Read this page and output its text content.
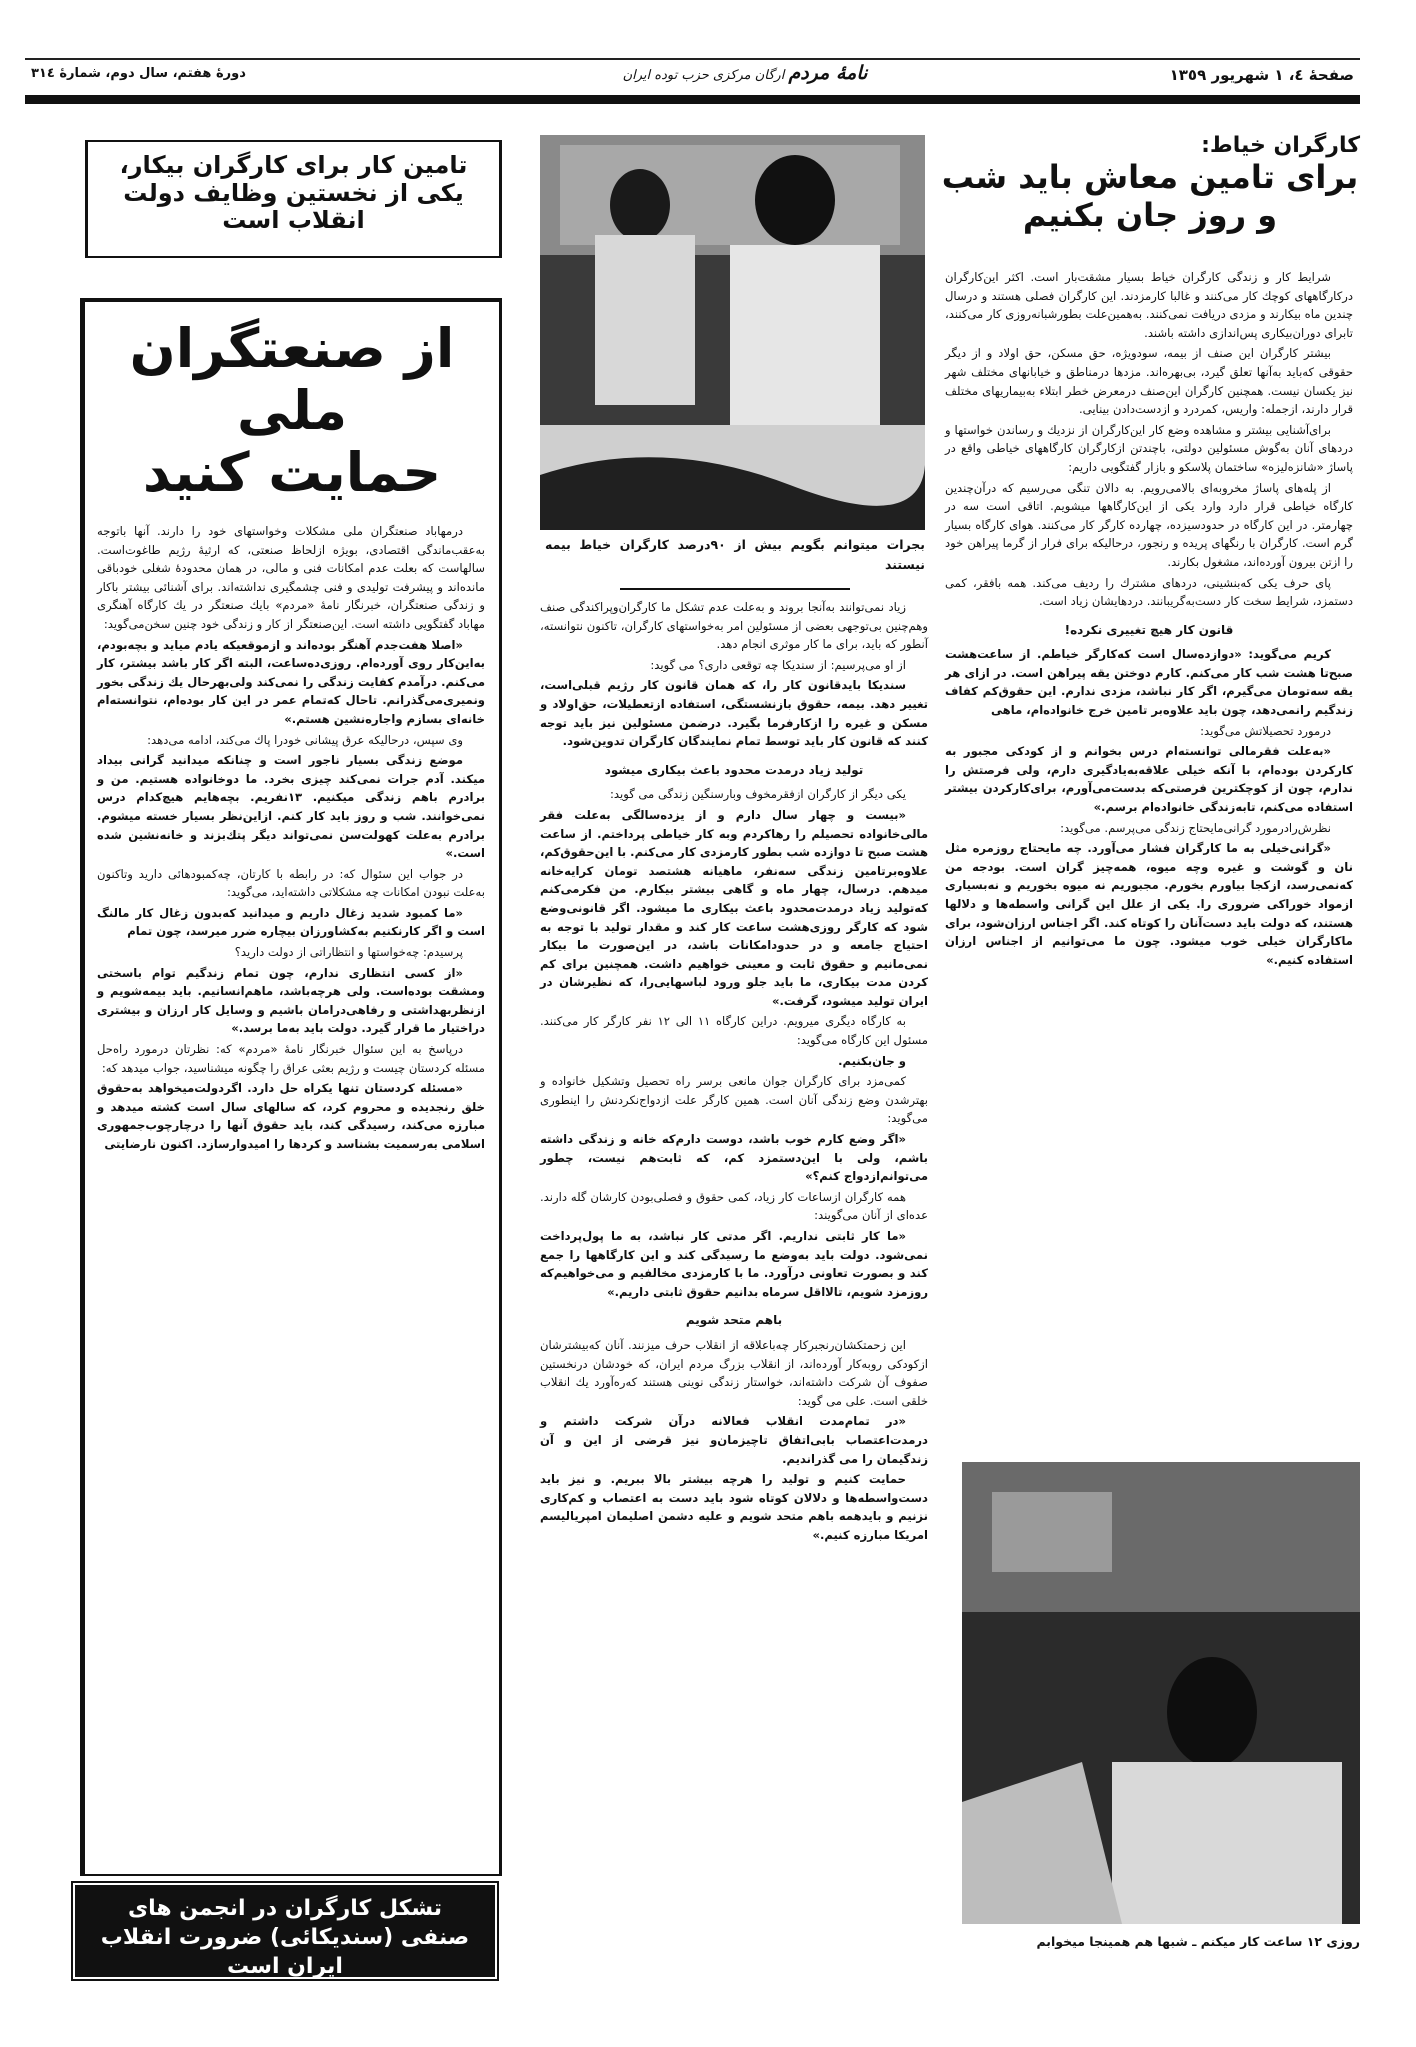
صفحهٔ ٤، ١ شهریور ١٣٥٩
نامهٔ مردم ارگان مرکزی حزب توده ایران
دورهٔ هفتم، سال دوم، شمارهٔ ٣١٤
تامین کار برای کارگران بیکار،
یکی از نخستین وظایف دولت
انقلاب است
از صنعتگران ملی
حمایت کنید

درمهاباد صنعتگران ملی مشکلات وخواستهای خود را دارند. آنها باتوجه به‌عقب‌ماندگی اقتصادی، بویژه ازلحاظ صنعتی، که ارثیهٔ رژیم طاغوت‌است. سالهاست که بعلت عدم امکانات فنی و مالی، در همان محدودهٔ شغلی خودباقی مانده‌اند و پیشرفت تولیدی و فنی چشمگیری نداشته‌اند. برای آشنائی بیشتر باکار و زندگی صنعتگران، خبرنگار نامهٔ «مردم» بایك صنعتگر در یك کارگاه آهنگری مهاباد گفتگویی داشته است. این‌صنعتگر از کار و زندگی خود چنین سخن‌می‌گوید:

«اصلا هفت‌جدم آهنگر بوده‌اند و ازموقعیکه یادم میاید و بچه‌بودم، به‌این‌کار روی آورده‌ام. روزی‌ده‌ساعت، البته اگر کار باشد بیشتر، کار می‌کنم. درآمدم کفایت زندگی را نمی‌کند ولی‌بهرحال یك زندگی بخور ونمیری‌می‌گذرانم. تاحال که‌تمام عمر در این کار بوده‌ام، نتوانسته‌ام خانه‌ای بسازم واجاره‌نشین هستم.»

وی سپس، درحالیکه عرق پیشانی خودرا پاك می‌کند، ادامه می‌دهد:

موضع زندگی بسیار ناجور است و چنانکه میدانید گرانی بیداد میکند. آدم جرات نمی‌کند چیزی بخرد. ما دوخانواده هستیم. من و برادرم باهم زندگی میکنیم. ١٣نفریم. بچه‌هایم هیچ‌کدام درس نمی‌خوانند. شب و روز باید کار کنم. ازاین‌نظر بسیار خسته میشوم. برادرم به‌علت کهولت‌سن نمی‌تواند دیگر پتك‌بزند و خانه‌نشین شده است.»

در جواب این سئوال که: در رابطه با کارتان، چه‌کمبودهائی دارید وتاکنون به‌علت نبودن امکانات چه مشکلاتی داشته‌اید، می‌گوید:

«ما کمبود شدید زغال داریم و میدانید که‌بدون زغال کار مالنگ است و اگر کارنکنیم به‌کشاورزان بیچاره ضرر میرسد، چون تمام

پرسیدم: چه‌خواستها و انتظاراتی از دولت دارید؟

«از کسی انتظاری ندارم، چون تمام زندگیم توام باسختی ومشقت بوده‌است. ولی هرچه‌باشد، ماهم‌انسانیم. باید بیمه‌شویم و ازنظربهداشتی و رفاهی‌درامان باشیم و وسایل کار ارزان و بیشتری دراختیار ما قرار گیرد. دولت باید به‌ما برسد.»

درپاسخ به این سئوال خبرنگار نامهٔ «مردم» که: نظرتان درمورد راه‌حل مسئله کردستان چیست و رژیم بعثی عراق را چگونه میشناسید، جواب میدهد که:

«مسئله کردستان تنها یکراه حل دارد. اگردولت‌میخواهد به‌حقوق خلق رنجدیده و محروم کرد، که سالهای سال است کشته میدهد و مبارزه می‌کند، رسیدگی کند، باید حقوق آنها را درچارچوب‌جمهوری اسلامی به‌رسمیت بشناسد و کردها را امیدوارسازد. اکنون نارضایتی

تشکل کارگران در انجمن های
صنفی (سندیکائی) ضرورت انقلاب
ایران است
بجرات میتوانم بگویم بیش از ٩٠درصد کارگران خیاط بیمه نیستند

زیاد نمی‌توانند به‌آنجا بروند و به‌علت عدم تشکل ما کارگران‌وپراکندگی صنف وهم‌چنین بی‌توجهی بعضی از مسئولین امر به‌خواستهای کارگران، تاکنون نتوانسته، آنطور که باید، برای ما کار موثری انجام دهد.

از او می‌پرسیم: از سندیکا چه توقعی داری؟ می گوید:

سندیکا بایدقانون کار را، که همان قانون کار رژیم قبلی‌است، تغییر دهد. بیمه، حقوق بازنشستگی، استفاده ازتعطیلات، حق‌اولاد و مسکن و غیره را ازکارفرما بگیرد. درضمن مسئولین نیز باید توجه کنند که قانون کار باید توسط تمام نمایندگان کارگران تدوین‌شود.

تولید زیاد درمدت محدود باعث بیکاری میشود

یکی دیگر از کارگران ازفقرمخوف وبارسنگین زندگی می گوید:

«بیست و چهار سال دارم و از یزده‌سالگی به‌علت فقر مالی‌خانواده تحصیلم را رهاکردم وبه کار خیاطی پرداختم. از ساعت هشت صبح تا دوازده شب بطور کارمزدی کار می‌کنم. با این‌حقوق‌کم، علاوه‌بر‌تامین زندگی سه‌نفر، ماهیانه هشتصد تومان کرایه‌خانه میدهم. درسال، چهار ماه و گاهی بیشتر بیکارم. من فکرمی‌کنم که‌تولید زیاد درمدت‌محدود باعث بیکاری ما میشود. اگر قانونی‌وضع شود که کارگر روزی‌هشت ساعت کار کند و مقدار تولید با توجه به احتیاج جامعه و در حدود‌امکانات باشد، در این‌صورت ما بیکار نمی‌مانیم و حقوق ثابت و معینی خواهیم داشت. همچنین برای کم کردن مدت بیکاری، ما باید جلو ورود لباسهایی‌را، که نظیرشان در ایران تولید میشود، گرفت.»

به کارگاه دیگری میرویم. دراین کارگاه ١١ الی ١٢ نفر کارگر کار می‌کنند. مسئول این کارگاه می‌گوید:

و جان‌بکنیم.

کمی‌مزد برای کارگران جوان مانعی برسر راه تحصیل وتشکیل خانواده و بهترشدن وضع زندگی آنان است. همین کارگر علت ازدواج‌نکردنش را اینطوری می‌گوید:

«اگر وضع کارم خوب باشد، دوست دارم‌که خانه و زندگی داشته باشم، ولی با این‌دستمزد کم، که ثابت‌هم نیست، چطور می‌توانم‌ازدواج کنم؟»

همه کارگران ازساعات کار زیاد، کمی حقوق و فصلی‌بودن کارشان گله دارند. عده‌ای از آنان می‌گویند:

«ما کار ثابتی نداریم. اگر مدتی کار نباشد، به ما پول‌پرداخت نمی‌شود. دولت باید به‌وضع ما رسیدگی کند و این کارگاهها را جمع کند و بصورت تعاونی درآورد. ما با کارمزدی مخالفیم و می‌خواهیم‌که روزمزد شویم، تالااقل سرماه بدانیم حقوق ثابتی داریم.»

باهم متحد شویم

این زحمتکشان‌رنجبرکار چه‌باعلاقه از انقلاب حرف میزنند. آنان که‌بیشترشان ازکودکی روبه‌کار آورده‌اند، از انقلاب بزرگ مردم ایران، که خودشان درنخستین صفوف آن شرکت داشته‌اند، خواستار زندگی نوینی هستند که‌ره‌آورد یك انقلاب خلقی است. علی می گوید:

«در تمام‌مدت انقلاب فعالانه درآن شرکت داشتم و درمدت‌اعتصاب بابی‌اتفاق تاچیزمان‌و نیز قرضی از این و آن زندگیمان را می گذراندیم.

حمایت کنیم و تولید را هرچه بیشتر بالا ببریم. و نیز باید دست‌واسطه‌ها و دلالان کوتاه شود باید دست به اعتصاب و کم‌کاری نزنیم و بایدهمه باهم متحد شویم و علیه دشمن اصلیمان امپریالیسم امریکا مبارزه کنیم.»

کارگران خیاط:
برای تامین معاش باید شب
و روز جان بکنیم

شرایط کار و زندگی کارگران خیاط بسیار مشقت‌بار است. اکثر این‌کارگران درکارگاههای کوچك کار می‌کنند و غالبا کارمزدند. این کارگران فصلی هستند و درسال چندین ماه بیکارند و مزدی دریافت نمی‌کنند. به‌همین‌علت بطورشبانه‌روزی کار می‌کنند، تابرای دوران‌بیکاری پس‌اندازی داشته باشند.

بیشتر کارگران این صنف از بیمه، سودویژه، حق مسکن، حق اولاد و از دیگر حقوقی که‌باید به‌آنها تعلق گیرد، بی‌بهره‌اند. مزدها درمناطق و خیابانهای مختلف شهر نیز یکسان نیست. همچنین کارگران این‌صنف درمعرض خطر ابتلاء به‌بیماریهای مختلف قرار دارند، ازجمله: واریس، کمردرد و ازدست‌دادن بینایی.

برای‌آشنایی بیشتر و مشاهده وضع کار این‌کارگران از نزدیك و رساندن خواستها و دردهای آنان به‌گوش مسئولین دولتی، باچندتن ازکارگران کارگاههای خیاطی واقع در پاساژ «شانزه‌لیزه» ساختمان پلاسکو و بازار گفتگویی داریم:

از پله‌های پاساژ مخروبه‌ای بالامی‌رویم. به دالان تنگی می‌رسیم که درآن‌چندین کارگاه خیاطی قرار دارد وارد یکی از این‌کارگاهها میشویم. اتاقی است سه در چهارمتر. در این کارگاه در حدودسیزده، چهارده کارگر کار می‌کنند. هوای کارگاه بسیار گرم است. کارگران با رنگهای پریده و رنجور، درحالیکه برای فرار از گرما پیراهن خود را ازتن بیرون آورده‌اند، مشغول بکارند.

پای حرف یکی که‌بنشینی، دردهای مشترك را ردیف می‌کند. همه بافقر، کمی دستمزد، شرایط سخت کار دست‌به‌گریبانند. دردهایشان زیاد است.

قانون کار هیچ تغییری نکرده!

کریم می‌گوید: «دوازده‌سال است که‌کارگر خیاطم. از ساعت‌هشت صبح‌تا هشت شب کار می‌کنم. کارم دوختن یقه پیراهن است. در ازای هر یقه سه‌تومان می‌گیرم، اگر کار نباشد، مزدی ندارم. این حقوق‌کم کفاف زندگیم رانمی‌دهد، چون باید علاوه‌بر تامین خرج خانواده‌ام، ماهی

درمورد تحصیلاتش می‌گوید:

«به‌علت فقرمالی توانسته‌ام درس بخوانم و از کودکی مجبور به کارکردن بوده‌ام، با آنکه خیلی علاقه‌به‌یادگیری دارم، ولی فرصتش را ندارم، چون از کوچکترین فرصتی‌که بدست‌می‌آورم، برای‌کارکردن بیشتر استفاده می‌کنم، تابه‌زندگی خانواده‌ام برسم.»

نظرش‌رادرمورد گرانی‌مایحتاج زندگی می‌پرسم. می‌گوید:

«گرانی‌خیلی به ما کارگران فشار می‌آورد. چه مایحتاج روزمره مثل نان و گوشت و غیره وچه میوه، همه‌چیز گران است. بودجه من که‌نمی‌رسد، ازکجا بیاورم بخورم. مجبوریم نه میوه بخوریم و نه‌بسیاری ازمواد خوراکی ضروری را. یکی از علل این گرانی واسطه‌ها و دلالها هستند، که دولت باید دست‌آنان را کوتاه کند. اگر اجناس ارزان‌شود، برای ماکارگران خیلی خوب میشود. چون ما می‌توانیم از اجناس ارزان استفاده کنیم.»

روزی ١٢ ساعت کار میکنم ـ شبها هم همینجا میخوابم
